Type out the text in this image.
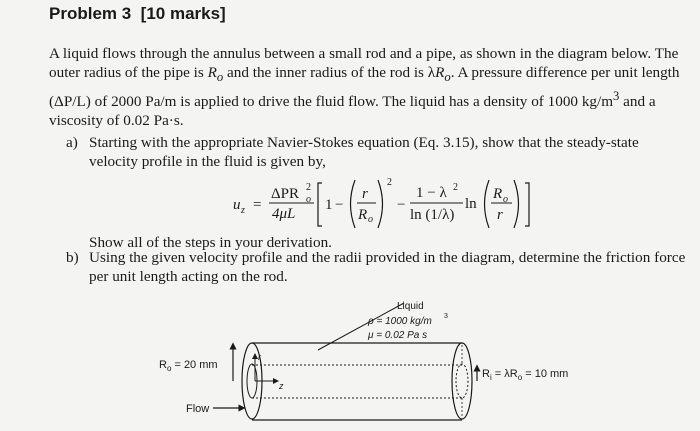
Problem 3 [10 marks]

A liquid flows through the annulus between a small rod and a pipe, as shown in the diagram below. The outer radius of the pipe is $R_o$ and the inner radius of the rod is $\lambda R_o$. A pressure difference per unit length (ΔP/L) of 2000 Pa/m is applied to drive the fluid flow. The liquid has a density of 1000 $kg/m^3$ and a viscosity of 0.02 Pa·s.

a) Starting with the appropriate Navier-Stokes equation (Eq. 3.15), show that the steady-state velocity profile in the fluid is given by,
u z =
ΔPR 2
o
4μL
1 −
r
R o
2
−
1 − λ 2
ln (1/λ)
ln
R o
r
Show all of the steps in your derivation.
b) Using the given velocity profile and the radii provided in the diagram, determine the friction force per unit length acting on the rod.
Liquid
ρ = 1000 kg/m 3
μ = 0.02 Pa s
$R_o = 20$ mm
$R_i = \lambda R_o = 10$ mm
r
z
Flow
